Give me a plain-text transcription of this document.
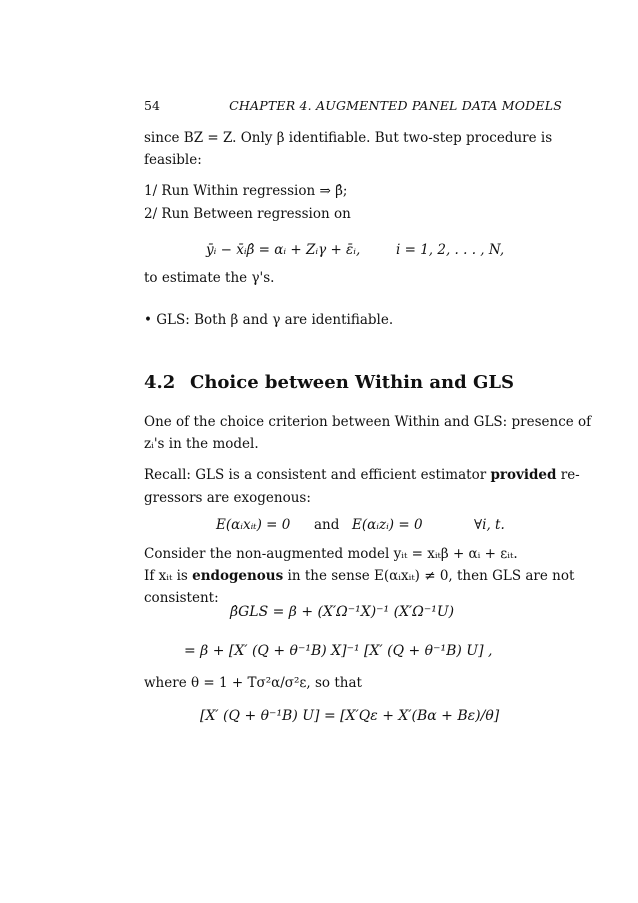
54	CHAPTER 4. AUGMENTED PANEL DATA MODELS
since BZ = Z. Only β identifiable. But two-step procedure is
feasible:
1/ Run Within regression ⇒ β̂;
2/ Run Between regression on
ȳᵢ − x̄ᵢβ̂ = αᵢ + Zᵢγ + ε̄ᵢ,	i = 1, 2, . . . , N,
to estimate the γ's.
• GLS: Both β and γ are identifiable.
4.2 Choice between Within and GLS
One of the choice criterion between Within and GLS: presence of
zᵢ's in the model.
Recall: GLS is a consistent and efficient estimator provided re-
gressors are exogenous:
E(αᵢxᵢₜ) = 0 and E(αᵢzᵢ) = 0	∀i, t.
Consider the non-augmented model yᵢₜ = xᵢₜβ + αᵢ + εᵢₜ.
If xᵢₜ is endogenous in the sense E(αᵢxᵢₜ) ≠ 0, then GLS are not
consistent:
β̂GLS = β + (X′Ω⁻¹X)⁻¹ (X′Ω⁻¹U)
= β + [X′ (Q + θ⁻¹B) X]⁻¹ [X′ (Q + θ⁻¹B) U] ,
where θ = 1 + Tσ²α/σ²ε, so that
[X′ (Q + θ⁻¹B) U] = [X′Qε + X′(Bα + Bε)/θ]
